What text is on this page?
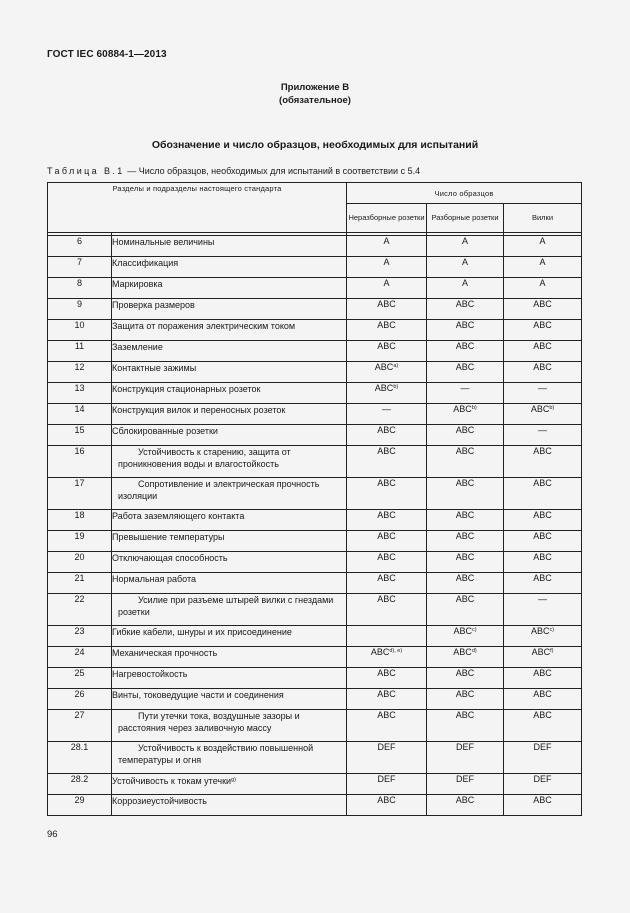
ГОСТ IEC 60884-1—2013
Приложение В
(обязательное)
Обозначение и число образцов, необходимых для испытаний
Таблица В.1 — Число образцов, необходимых для испытаний в соответствии с 5.4
Разделы и подразделы настоящего стандарта		Число образцов		
		Неразборные розетки	Разборные розетки	Вилки

6	Номинальные величины	A	A	A
7	Классификация	A	A	A
8	Маркировка	A	A	A
9	Проверка размеров	ABC	ABC	ABC
10	Защита от поражения электрическим током	ABC	ABC	ABC
11	Заземление	ABC	ABC	ABC
12	Контактные зажимы	ABC$^{a)}$	ABC	ABC
13	Конструкция стационарных розеток	ABC$^{b)}$	—	—
14	Конструкция вилок и переносных розеток	—	ABC$^{b)}$	ABC$^{b)}$
15	Сблокированные розетки	ABC	ABC	—
16	Устойчивость к старению, защита от проникновения воды и влагостойкость	ABC	ABC	ABC
17	Сопротивление и электрическая прочность изоляции	ABC	ABC	ABC
18	Работа заземляющего контакта	ABC	ABC	ABC
19	Превышение температуры	ABC	ABC	ABC
20	Отключающая способность	ABC	ABC	ABC
21	Нормальная работа	ABC	ABC	ABC
22	Усилие при разъеме штырей вилки с гнездами розетки	ABC	ABC	—
23	Гибкие кабели, шнуры и их присоединение		ABC$^{c)}$	ABC$^{c)}$
24	Механическая прочность	$ABC^{d), e)}$	ABC$^{d)}$	ABC$^{f)}$
25	Нагревостойкость	ABC	ABC	ABC
26	Винты, токоведущие части и соединения	ABC	ABC	ABC
27	Пути утечки тока, воздушные зазоры и расстояния через заливочную массу	ABC	ABC	ABC
28.1	Устойчивость к воздействию повышенной температуры и огня	DEF	DEF	DEF
28.2	Устойчивость к токам утечки$^{g)}$	DEF	DEF	DEF
29	Коррозиеустойчивость	ABC	ABC	ABC
96
